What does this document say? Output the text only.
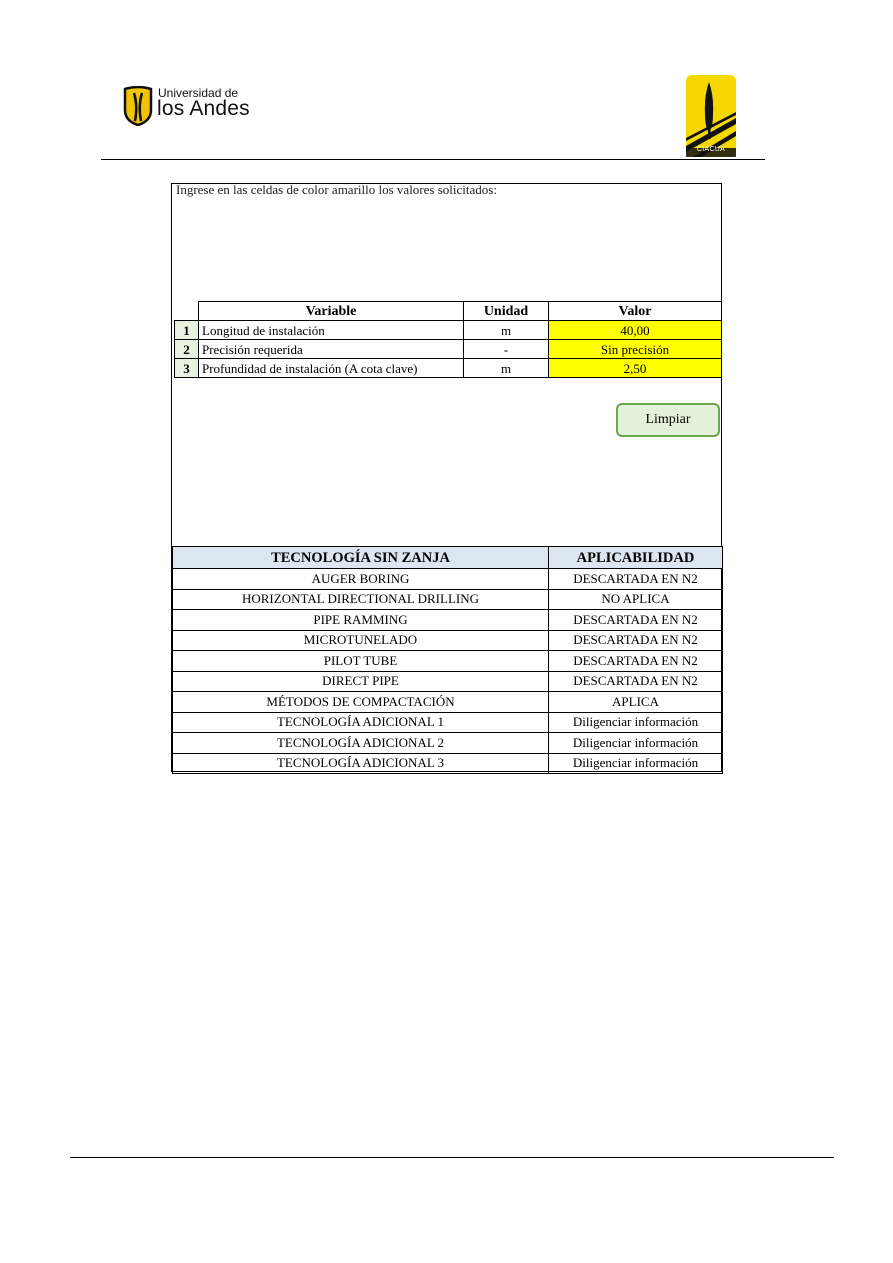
Universidad de
los Andes
CIACUA
Ingrese en las celdas de color amarillo los valores solicitados:
	Variable	Unidad	Valor
1	Longitud de instalación	m	40,00
2	Precisión requerida	-	Sin precisión
3	Profundidad de instalación (A cota clave)	m	2,50
Limpiar
TECNOLOGÍA SIN ZANJA	APLICABILIDAD
AUGER BORING	DESCARTADA EN N2
HORIZONTAL DIRECTIONAL DRILLING	NO APLICA
PIPE RAMMING	DESCARTADA EN N2
MICROTUNELADO	DESCARTADA EN N2
PILOT TUBE	DESCARTADA EN N2
DIRECT PIPE	DESCARTADA EN N2
MÉTODOS DE COMPACTACIÓN	APLICA
TECNOLOGÍA ADICIONAL 1	Diligenciar información
TECNOLOGÍA ADICIONAL 2	Diligenciar información
TECNOLOGÍA ADICIONAL 3	Diligenciar información
